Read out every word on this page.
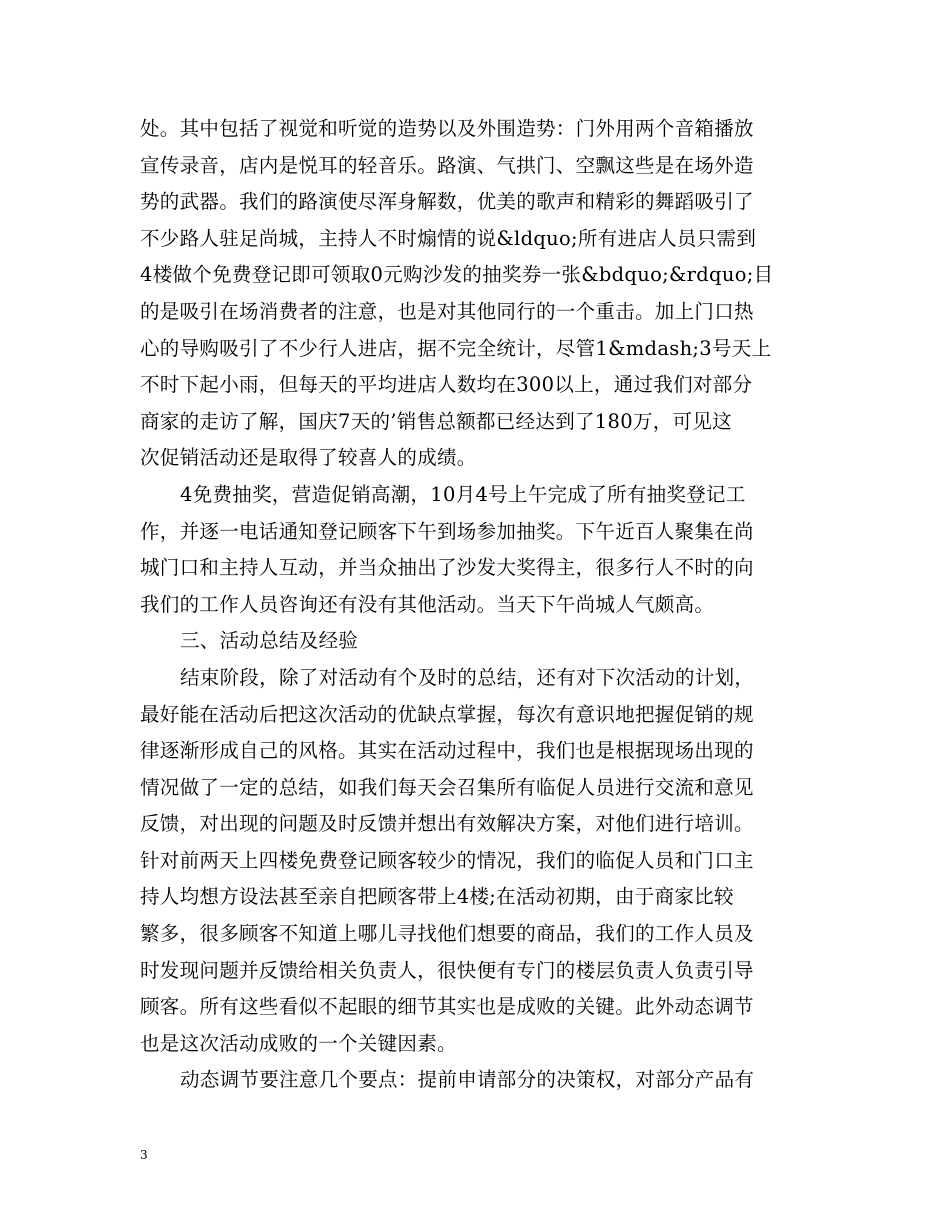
处。其中包括了视觉和听觉的造势以及外围造势：门外用两个音箱播放
宣传录音，店内是悦耳的轻音乐。路演、气拱门、空飘这些是在场外造
势的武器。我们的路演使尽浑身解数，优美的歌声和精彩的舞蹈吸引了
不少路人驻足尚城，主持人不时煽情的说&ldquo;所有进店人员只需到
4楼做个免费登记即可领取0元购沙发的抽奖券一张&bdquo;&rdquo;目
的是吸引在场消费者的注意，也是对其他同行的一个重击。加上门口热
心的导购吸引了不少行人进店，据不完全统计，尽管1&mdash;3号天上
不时下起小雨，但每天的平均进店人数均在300以上，通过我们对部分
商家的走访了解，国庆7天的’销售总额都已经达到了180万，可见这
次促销活动还是取得了较喜人的成绩。
4免费抽奖，营造促销高潮，10月4号上午完成了所有抽奖登记工
作，并逐一电话通知登记顾客下午到场参加抽奖。下午近百人聚集在尚
城门口和主持人互动，并当众抽出了沙发大奖得主，很多行人不时的向
我们的工作人员咨询还有没有其他活动。当天下午尚城人气颇高。
三、活动总结及经验
结束阶段，除了对活动有个及时的总结，还有对下次活动的计划，
最好能在活动后把这次活动的优缺点掌握，每次有意识地把握促销的规
律逐渐形成自己的风格。其实在活动过程中，我们也是根据现场出现的
情况做了一定的总结，如我们每天会召集所有临促人员进行交流和意见
反馈，对出现的问题及时反馈并想出有效解决方案，对他们进行培训。
针对前两天上四楼免费登记顾客较少的情况，我们的临促人员和门口主
持人均想方设法甚至亲自把顾客带上4楼;在活动初期，由于商家比较
繁多，很多顾客不知道上哪儿寻找他们想要的商品，我们的工作人员及
时发现问题并反馈给相关负责人，很快便有专门的楼层负责人负责引导
顾客。所有这些看似不起眼的细节其实也是成败的关键。此外动态调节
也是这次活动成败的一个关键因素。
动态调节要注意几个要点：提前申请部分的决策权，对部分产品有
3
